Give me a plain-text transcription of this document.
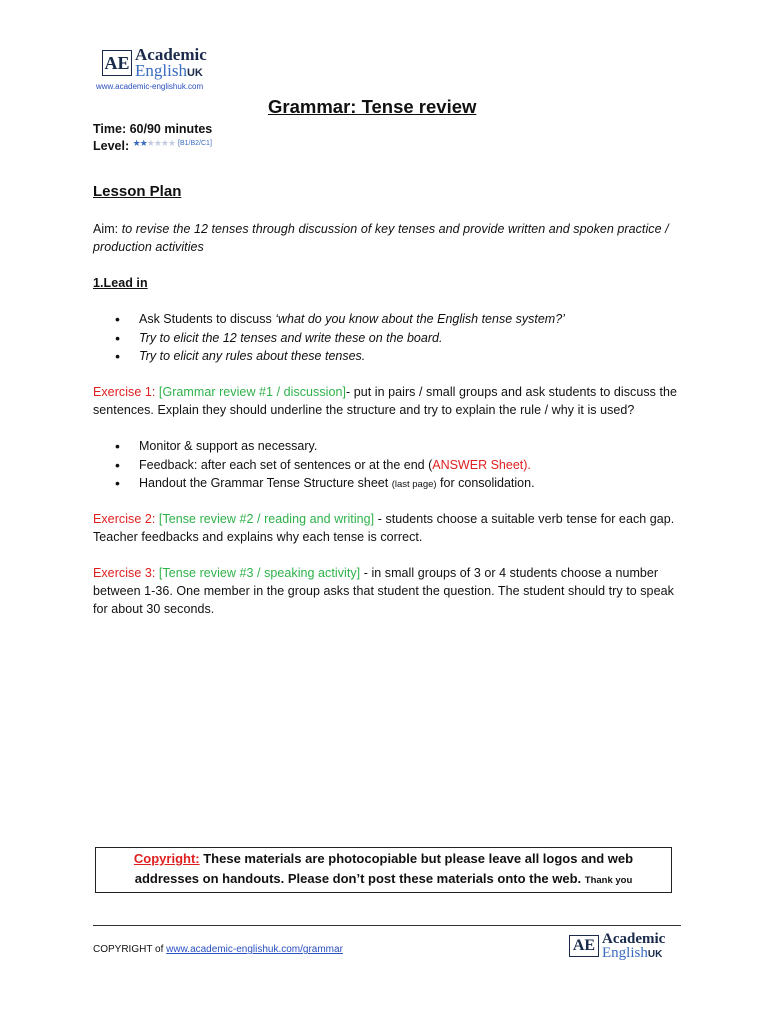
AE Academic
EnglishUK
www.academic-englishuk.com
Grammar: Tense review
Time: 60/90 minutes
Level: ★★★★★★ [B1/B2/C1]
Lesson Plan
Aim: to revise the 12 tenses through discussion of key tenses and provide written and spoken practice / production activities
1.Lead in
• Ask Students to discuss ‘what do you know about the English tense system?’
• Try to elicit the 12 tenses and write these on the board.
• Try to elicit any rules about these tenses.
Exercise 1: [Grammar review #1 / discussion]- put in pairs / small groups and ask students to discuss the sentences. Explain they should underline the structure and try to explain the rule / why it is used?
• Monitor & support as necessary.
• Feedback: after each set of sentences or at the end (ANSWER Sheet).
• Handout the Grammar Tense Structure sheet (last page) for consolidation.
Exercise 2: [Tense review #2 / reading and writing] - students choose a suitable verb tense for each gap. Teacher feedbacks and explains why each tense is correct.
Exercise 3: [Tense review #3 / speaking activity] - in small groups of 3 or 4 students choose a number between 1-36. One member in the group asks that student the question. The student should try to speak for about 30 seconds.
Copyright: These materials are photocopiable but please leave all logos and web addresses on handouts. Please don’t post these materials onto the web. Thank you
COPYRIGHT of www.academic-englishuk.com/grammar	AE Academic
EnglishUK
